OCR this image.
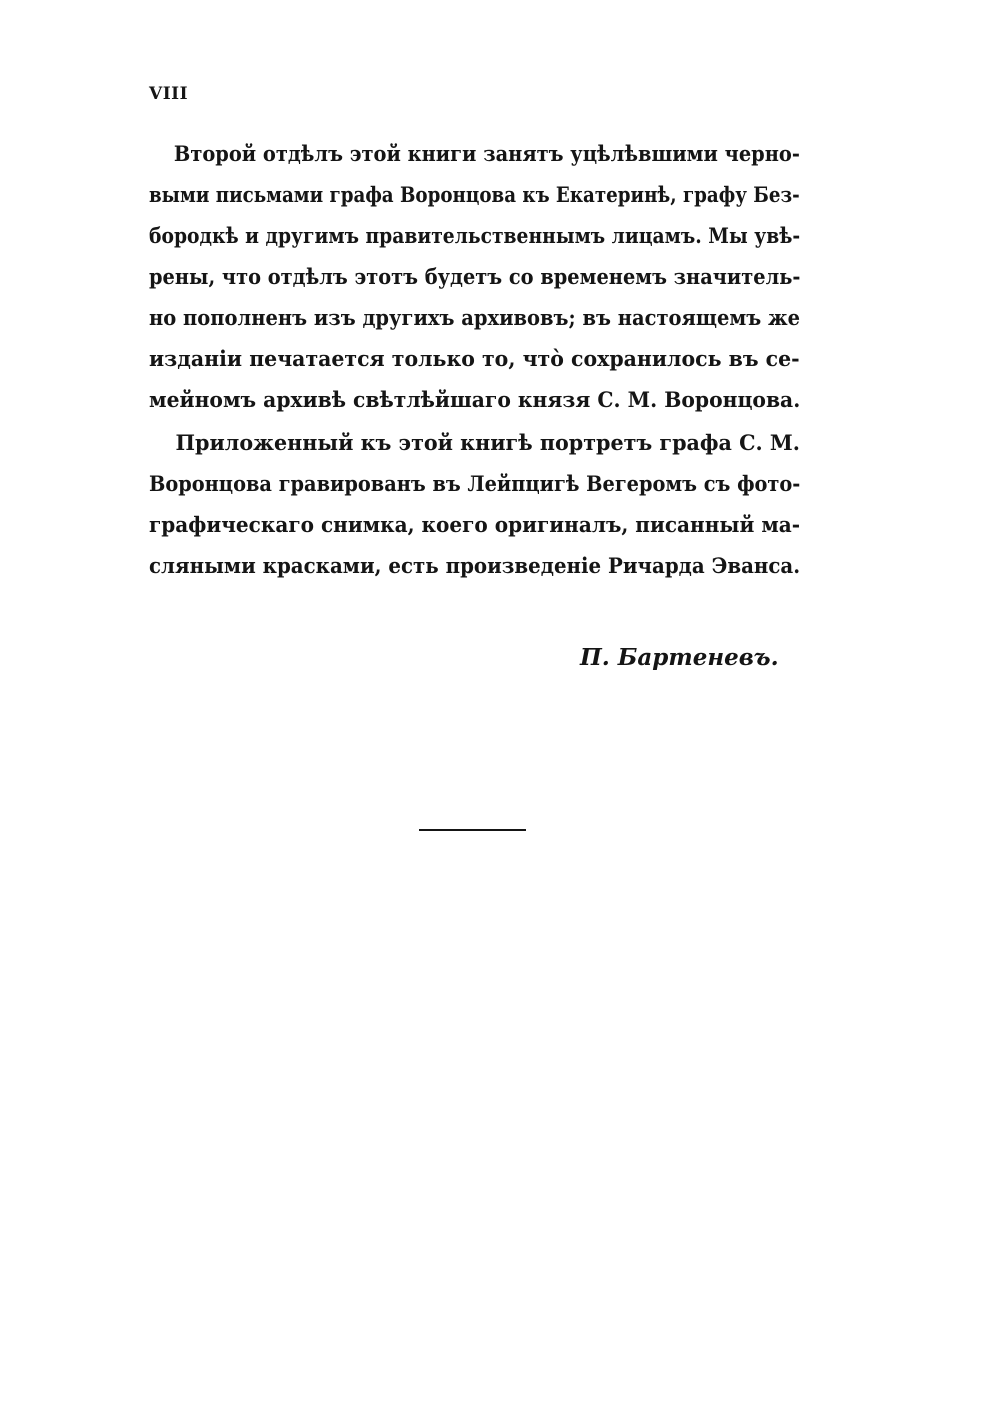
VIII
Второй отдѣлъ этой книги занятъ уцѣлѣвшими черно-
выми письмами графа Воронцова къ Екатеринѣ, графу Без-
бородкѣ и другимъ правительственнымъ лицамъ. Мы увѣ-
рены, что отдѣлъ этотъ будетъ со временемъ значитель-
но пополненъ изъ другихъ архивовъ; въ настоящемъ же
изданіи печатается только то, что̀ сохранилось въ се-
мейномъ архивѣ свѣтлѣйшаго князя С. М. Воронцова.
Приложенный къ этой книгѣ портретъ графа С. М.
Воронцова гравированъ въ Лейпцигѣ Вегеромъ съ фото-
графическаго снимка, коего оригиналъ, писанный ма-
сляными красками, есть произведеніе Ричарда Эванса.
П. Бартеневъ.
